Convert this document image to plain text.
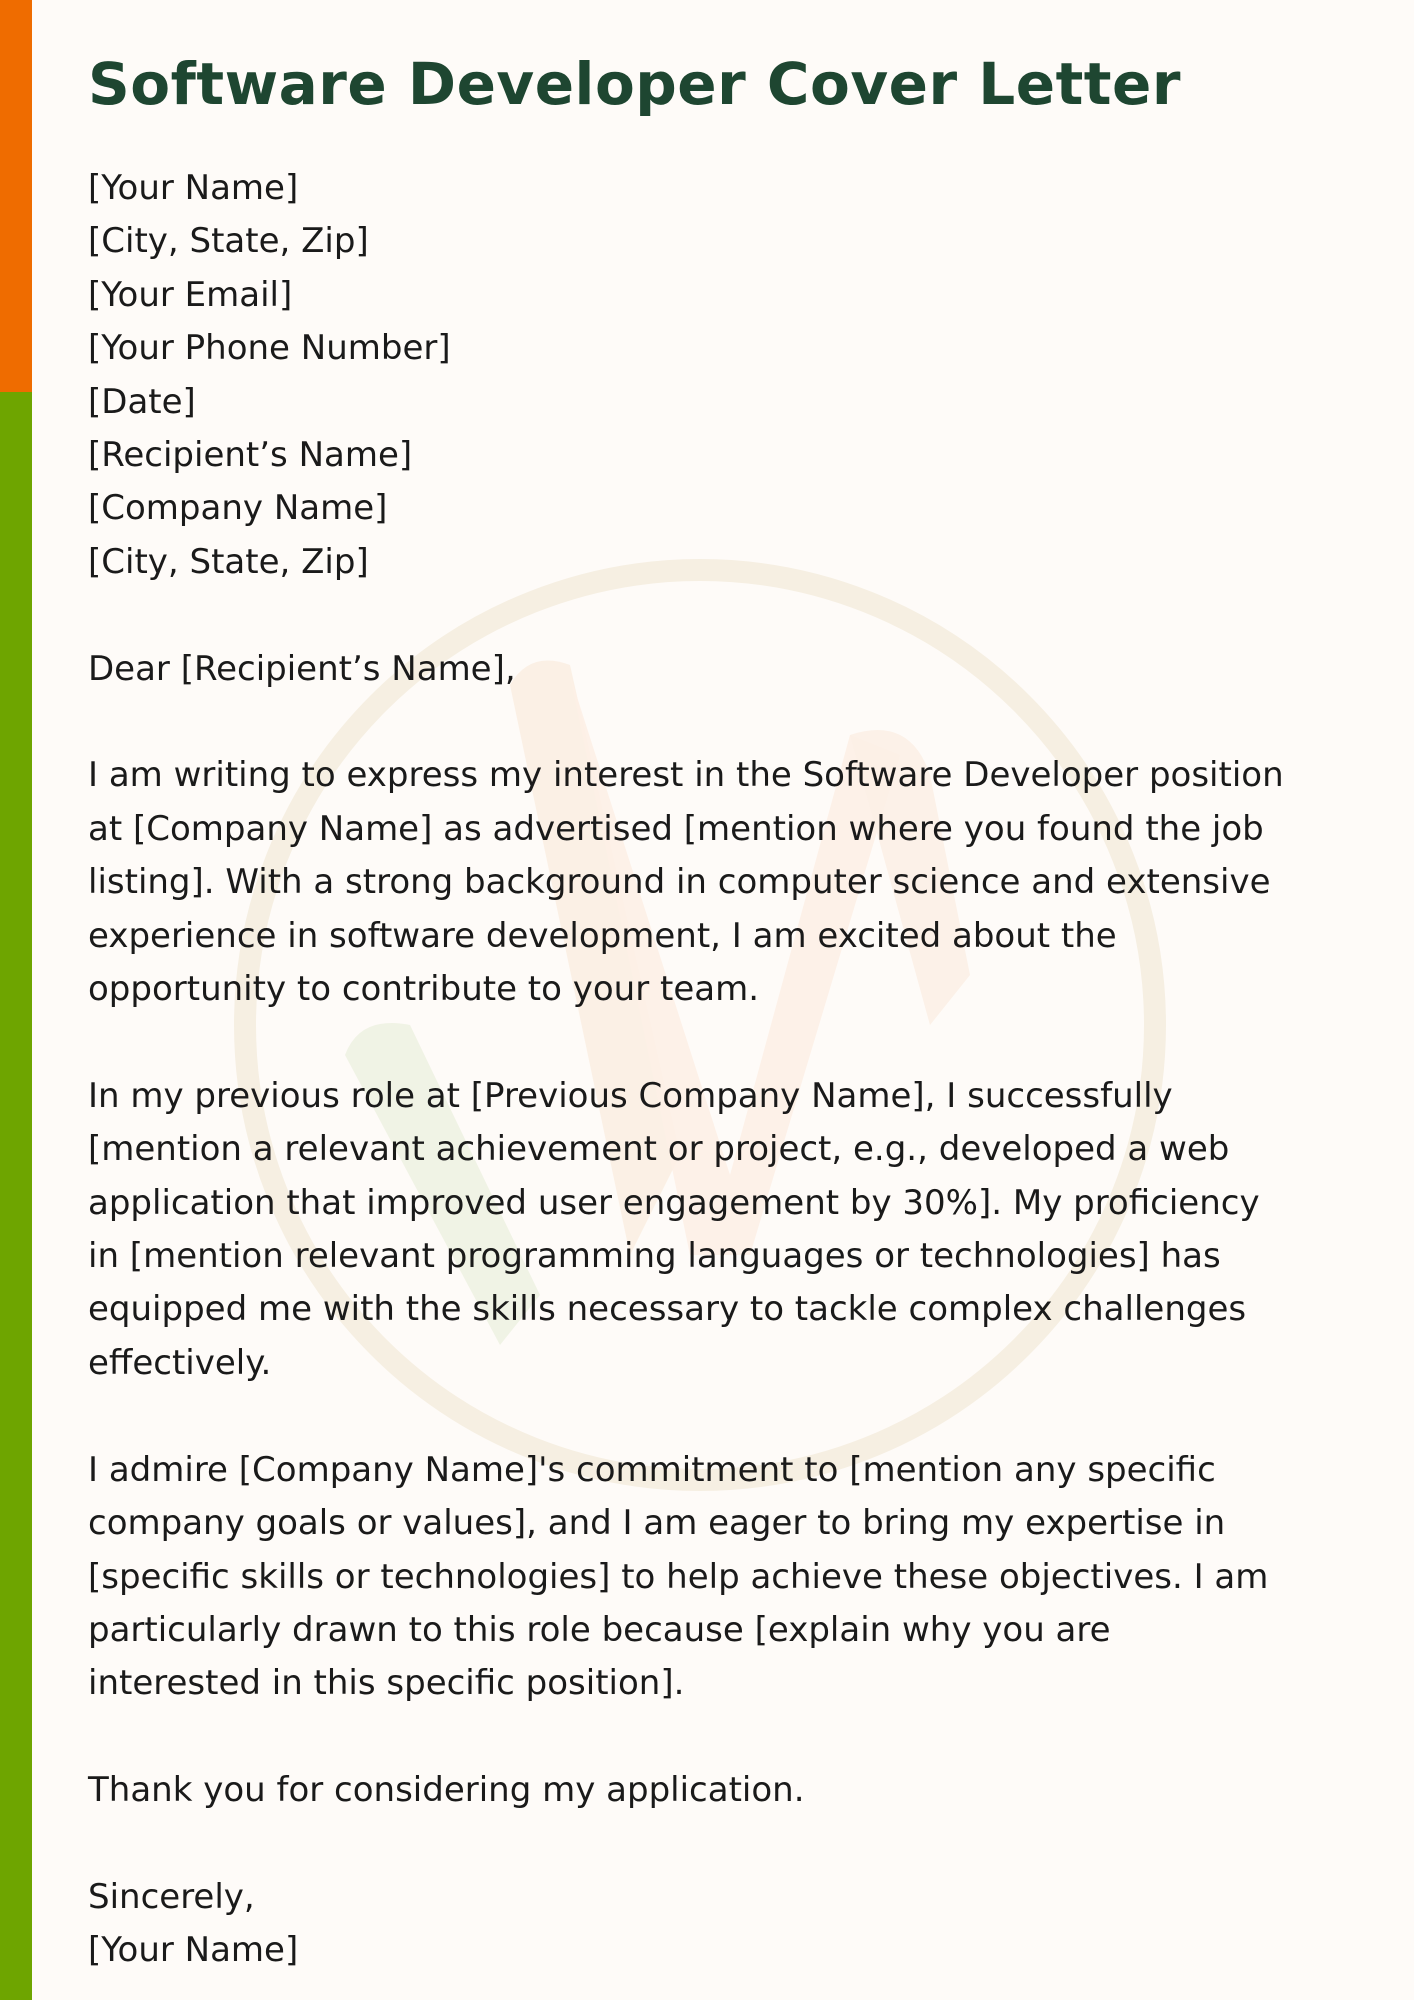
Software Developer Cover Letter
[Your Name]
[City, State, Zip]
[Your Email]
[Your Phone Number]
[Date]
[Recipient’s Name]
[Company Name]
[City, State, Zip]
Dear [Recipient’s Name],
I am writing to express my interest in the Software Developer position
at [Company Name] as advertised [mention where you found the job
listing]. With a strong background in computer science and extensive
experience in software development, I am excited about the
opportunity to contribute to your team.
In my previous role at [Previous Company Name], I successfully
[mention a relevant achievement or project, e.g., developed a web
application that improved user engagement by 30%]. My proficiency
in [mention relevant programming languages or technologies] has
equipped me with the skills necessary to tackle complex challenges
effectively.
I admire [Company Name]'s commitment to [mention any specific
company goals or values], and I am eager to bring my expertise in
[specific skills or technologies] to help achieve these objectives. I am
particularly drawn to this role because [explain why you are
interested in this specific position].
Thank you for considering my application.
Sincerely,
[Your Name]
